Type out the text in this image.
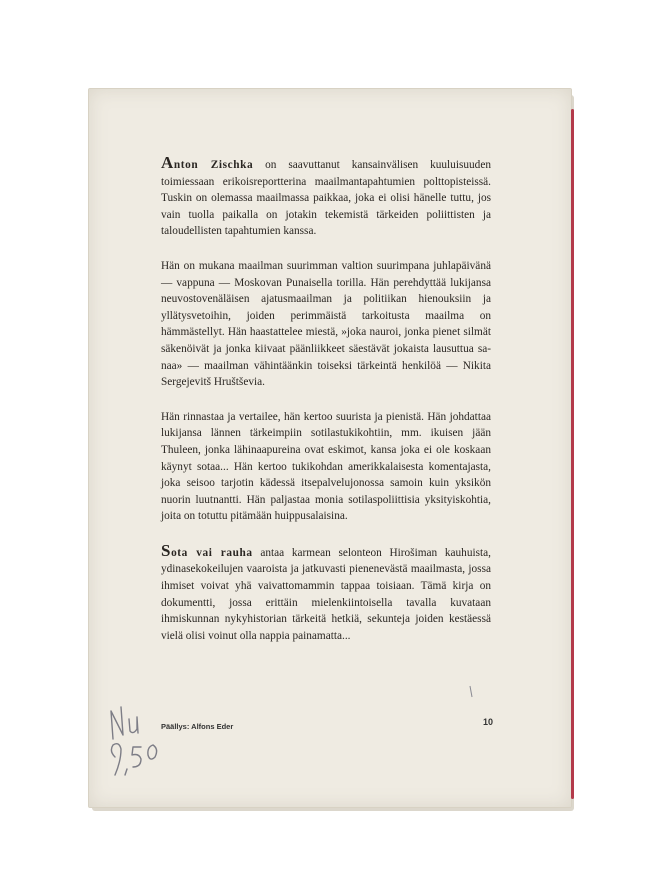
Anton Zischka on saavuttanut kansainvälisen kuuluisuuden toimiessaan erikoisreportterina maailmantapahtumien polttopisteissä. Tuskin on olemassa maailmassa paikkaa, joka ei olisi hänelle tuttu, jos vain tuolla paikalla on jotakin tekemistä tärkeiden poliittisten ja taloudellisten tapahtumien kanssa.

Hän on mukana maailman suurimman valtion suurimpana juhlapäivänä — vappuna — Moskovan Punaisella torilla. Hän perehdyttää lukijansa neuvostovenäläisen ajatusmaailman ja politiikan hienouksiin ja yllätysvetoihin, joiden perimmäistä tarkoitusta maailma on hämmästellyt. Hän haastattelee miestä, »joka nauroi, jonka pienet silmät säkenöivät ja jonka kiivaat päänliikkeet säestävät jokaista lausuttua sanaa» — maailman vähintäänkin toiseksi tärkeintä henkilöä — Nikita Sergejevitš Hruštševia.

Hän rinnastaa ja vertailee, hän kertoo suurista ja pienistä. Hän johdattaa lukijansa lännen tärkeimpiin sotilastukikohtiin, mm. ikuisen jään Thuleen, jonka lähinaapureina ovat eskimot, kansa joka ei ole koskaan käynyt sotaa... Hän kertoo tukikohdan amerikkalaisesta komentajasta, joka seisoo tarjotin kädessä itsepalvelujonossa samoin kuin yksikön nuorin luutnantti. Hän paljastaa monia sotilaspoliittisia yksityiskohtia, joita on totuttu pitämään huippusalaisina.

Sota vai rauha antaa karmean selonteon Hirošiman kauhuista, ydinasekokeilujen vaaroista ja jatkuvasti pienenevästä maailmasta, jossa ihmiset voivat yhä vaivattomammin tappaa toisiaan. Tämä kirja on dokumentti, jossa erittäin mielenkiintoisella tavalla kuvataan ihmiskunnan nykyhistorian tärkeitä hetkiä, sekunteja joiden kestäessä vielä olisi voinut olla nappia painamatta...

Päällys: Alfons Eder	10
